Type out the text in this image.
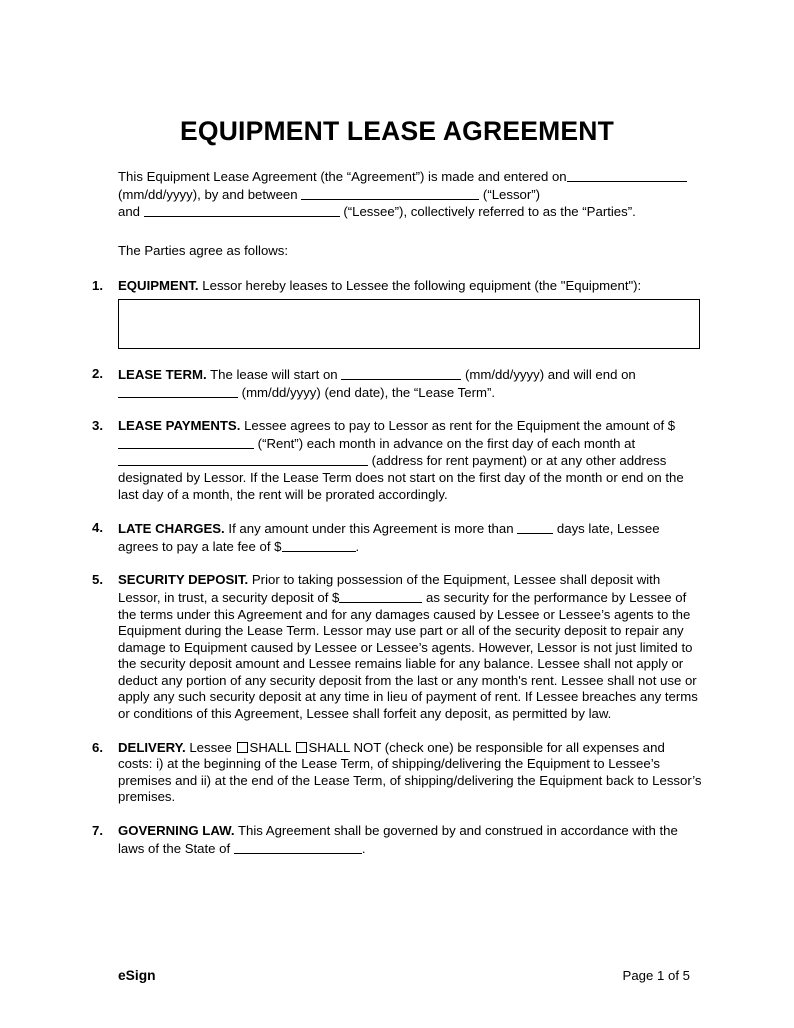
EQUIPMENT LEASE AGREEMENT

This Equipment Lease Agreement (the “Agreement”) is made and entered on (mm/dd/yyyy), by and between	(“Lessor”)
and	(“Lessee”), collectively referred to as the “Parties”.

The Parties agree as follows:

1.	EQUIPMENT. Lessor hereby leases to Lessee the following equipment (the "Equipment"):
2.	LEASE TERM. The lease will start on	(mm/dd/yyyy) and will end on
(mm/dd/yyyy) (end date), the “Lease Term”.
3.	LEASE PAYMENTS. Lessee agrees to pay to Lessor as rent for the Equipment the amount of $ (“Rent”) each month in advance on the first day of each month at
(address for rent payment) or at any other address designated by Lessor. If the Lease Term does not start on the first day of the month or end on the last day of a month, the rent will be prorated accordingly.
4.	LATE CHARGES. If any amount under this Agreement is more than	days late, Lessee agrees to pay a late fee of $	.
5.	SECURITY DEPOSIT. Prior to taking possession of the Equipment, Lessee shall deposit with Lessor, in trust, a security deposit of $	as security for the performance by Lessee of the terms under this Agreement and for any damages caused by Lessee or Lessee’s agents to the Equipment during the Lease Term. Lessor may use part or all of the security deposit to repair any damage to Equipment caused by Lessee or Lessee’s agents. However, Lessor is not just limited to the security deposit amount and Lessee remains liable for any balance. Lessee shall not apply or deduct any portion of any security deposit from the last or any month's rent. Lessee shall not use or apply any such security deposit at any time in lieu of payment of rent. If Lessee breaches any terms or conditions of this Agreement, Lessee shall forfeit any deposit, as permitted by law.
6.	DELIVERY. Lessee SHALL SHALL NOT (check one) be responsible for all expenses and costs: i) at the beginning of the Lease Term, of shipping/delivering the Equipment to Lessee’s premises and ii) at the end of the Lease Term, of shipping/delivering the Equipment back to Lessor’s premises.
7.	GOVERNING LAW. This Agreement shall be governed by and construed in accordance with the laws of the State of	.
eSign	Page 1 of 5
